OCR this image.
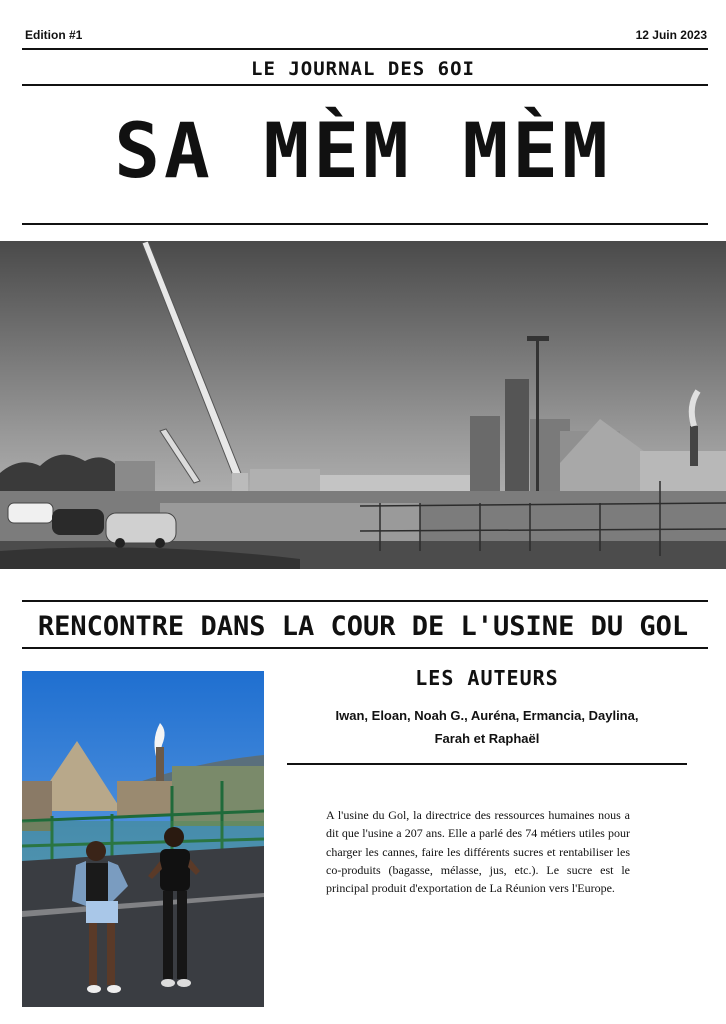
Edition #1	12 Juin 2023
LE JOURNAL DES 6OI
SA MÈM MÈM
RENCONTRE DANS LA COUR DE L'USINE DU GOL
LES AUTEURS
Iwan, Eloan, Noah G., Auréna, Ermancia, Daylina,
Farah et Raphaël
A l'usine du Gol, la directrice des ressources humaines nous a dit que l'usine a 207 ans. Elle a parlé des 74 métiers utiles pour charger les cannes, faire les différents sucres et rentabiliser les co-produits (bagasse, mélasse, jus, etc.). Le sucre est le principal produit d'exportation de La Réunion vers l'Europe.
